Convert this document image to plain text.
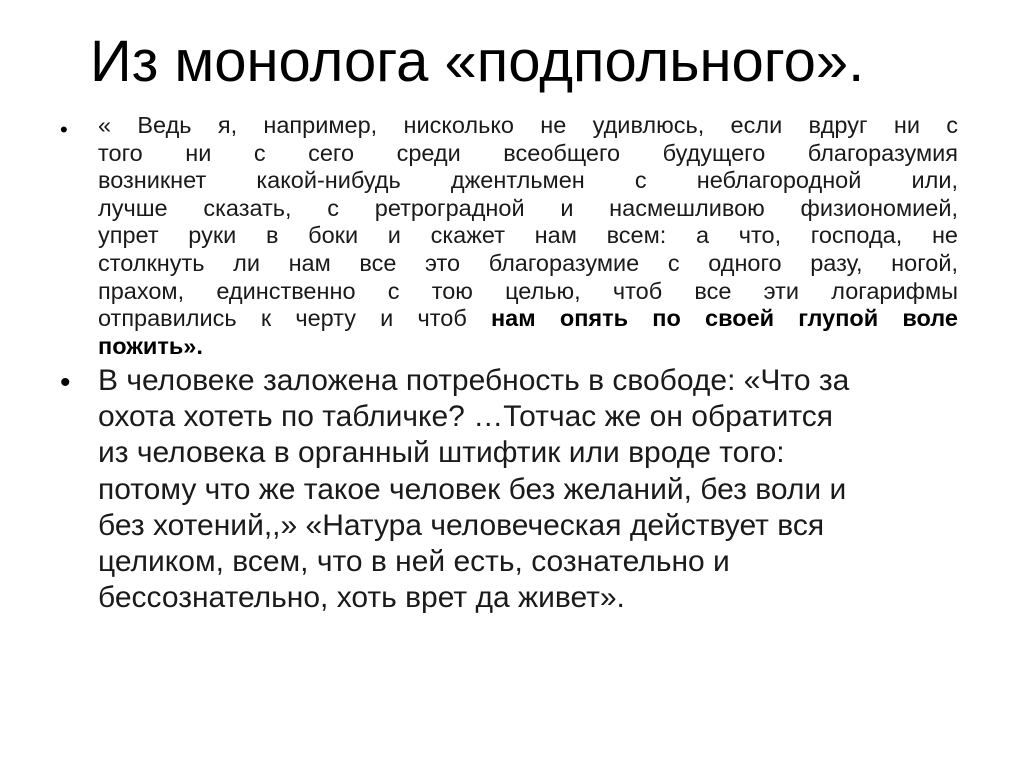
Из монолога «подпольного».
• « Ведь я, например, нисколько не удивлюсь, если вдруг ни с
того ни с сего среди всеобщего будущего благоразумия
возникнет какой-нибудь джентльмен с неблагородной или,
лучше сказать, с ретроградной и насмешливою физиономией,
упрет руки в боки и скажет нам всем: а что, господа, не
столкнуть ли нам все это благоразумие с одного разу, ногой,
прахом, единственно с тою целью, чтоб все эти логарифмы
отправились к черту и чтоб нам опять по своей глупой воле
пожить».
• В человеке заложена потребность в свободе: «Что за
охота хотеть по табличке? …Тотчас же он обратится
из человека в органный штифтик или вроде того:
потому что же такое человек без желаний, без воли и
без хотений,,» «Натура человеческая действует вся
целиком, всем, что в ней есть, сознательно и
бессознательно, хоть врет да живет».
